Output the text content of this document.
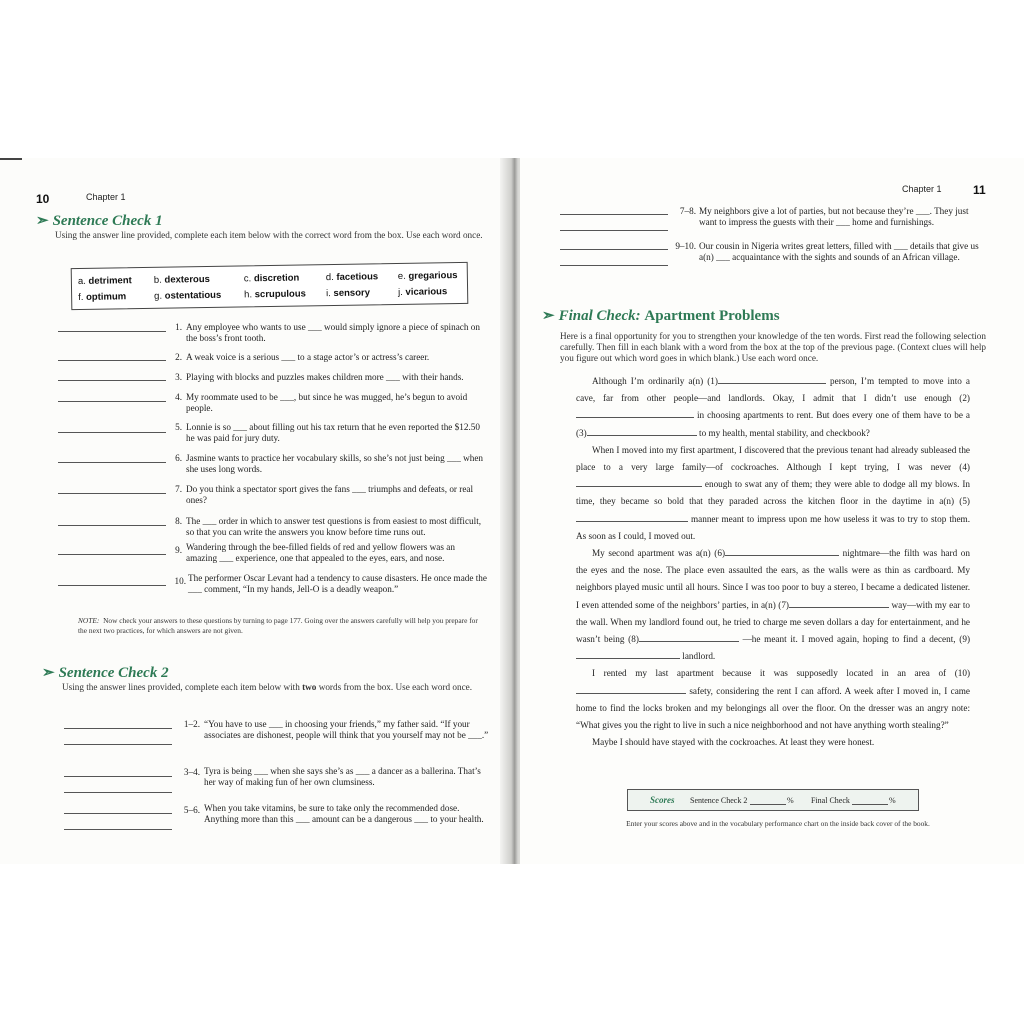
10	Chapter 1
➣ Sentence Check 1
Using the answer line provided, complete each item below with the correct word from the box. Use each word once.
a. detriment b. dexterous	c. discretion	d. facetious e. gregarious
f. optimum	g. ostentatious h. scrupulous i. sensory	j. vicarious
1. Any employee who wants to use ___ would simply ignore a piece of spinach on the boss’s front tooth.
2. A weak voice is a serious ___ to a stage actor’s or actress’s career.
3. Playing with blocks and puzzles makes children more ___ with their hands.
4. My roommate used to be ___, but since he was mugged, he’s begun to avoid people.
5. Lonnie is so ___ about filling out his tax return that he even reported the $12.50 he was paid for jury duty.
6. Jasmine wants to practice her vocabulary skills, so she’s not just being ___ when she uses long words.
7. Do you think a spectator sport gives the fans ___ triumphs and defeats, or real ones?
8. The ___ order in which to answer test questions is from easiest to most difficult, so that you can write the answers you know before time runs out.
9. Wandering through the bee-filled fields of red and yellow flowers was an amazing ___ experience, one that appealed to the eyes, ears, and nose.
10. The performer Oscar Levant had a tendency to cause disasters. He once made the ___ comment, “In my hands, Jell-O is a deadly weapon.”
NOTE: Now check your answers to these questions by turning to page 177. Going over the answers carefully will help you prepare for the next two practices, for which answers are not given.
➣ Sentence Check 2
Using the answer lines provided, complete each item below with two words from the box. Use each word once.
1–2. “You have to use ___ in choosing your friends,” my father said. “If your associates are dishonest, people will think that you yourself may not be ___.”
3–4. Tyra is being ___ when she says she’s as ___ a dancer as a ballerina. That’s her way of making fun of her own clumsiness.
5–6. When you take vitamins, be sure to take only the recommended dose. Anything more than this ___ amount can be a dangerous ___ to your health.
Chapter 1	11
7–8. My neighbors give a lot of parties, but not because they’re ___. They just want to impress the guests with their ___ home and furnishings.
9–10. Our cousin in Nigeria writes great letters, filled with ___ details that give us a(n) ___ acquaintance with the sights and sounds of an African village.
➣ Final Check: Apartment Problems
Here is a final opportunity for you to strengthen your knowledge of the ten words. First read the following selection carefully. Then fill in each blank with a word from the box at the top of the previous page. (Context clues will help you figure out which word goes in which blank.) Use each word once.

Although I’m ordinarily a(n) (1)	person, I’m tempted to move into a cave, far from other people—and landlords. Okay, I admit that I didn’t use enough (2) in choosing apartments to rent. But does every one of them have to be a (3)	to my health, mental stability, and checkbook?

When I moved into my first apartment, I discovered that the previous tenant had already subleased the place to a very large family—of cockroaches. Although I kept trying, I was never (4) enough to swat any of them; they were able to dodge all my blows. In time, they became so bold that they paraded across the kitchen floor in the daytime in a(n) (5) manner meant to impress upon me how useless it was to try to stop them. As soon as I could, I moved out.

My second apartment was a(n) (6)	nightmare—the filth was hard on the eyes and the nose. The place even assaulted the ears, as the walls were as thin as cardboard. My neighbors played music until all hours. Since I was too poor to buy a stereo, I became a dedicated listener. I even attended some of the neighbors’ parties, in a(n) (7)	way—with my ear to the wall. When my landlord found out, he tried to charge me seven dollars a day for entertainment, and he wasn’t being (8)	—he meant it. I moved again, hoping to find a decent, (9) landlord.

I rented my last apartment because it was supposedly located in an area of (10) safety, considering the rent I can afford. A week after I moved in, I came home to find the locks broken and my belongings all over the floor. On the dresser was an angry note: “What gives you the right to live in such a nice neighborhood and not have anything worth stealing?”

Maybe I should have stayed with the cockroaches. At least they were honest.

Scores Sentence Check 2	% Final Check	%
Enter your scores above and in the vocabulary performance chart on the inside back cover of the book.
